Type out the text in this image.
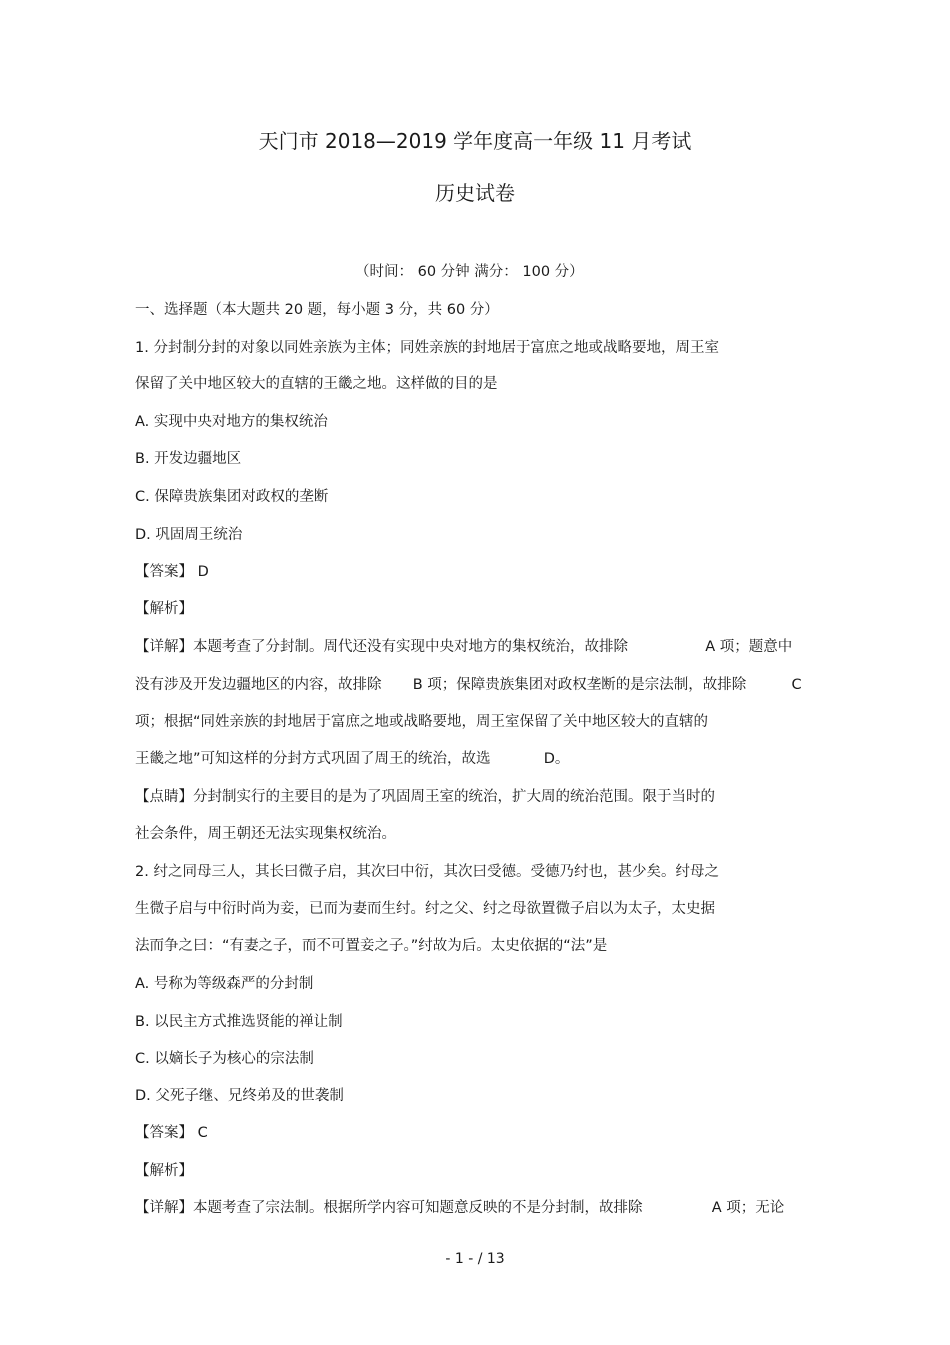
天门市 2018—2019 学年度高一年级 11 月考试
历史试卷
（时间： 60 分钟 满分： 100 分）
一、选择题（本大题共 20 题，每小题 3 分，共 60 分）
1. 分封制分封的对象以同姓亲族为主体；同姓亲族的封地居于富庶之地或战略要地，周王室
保留了关中地区较大的直辖的王畿之地。这样做的目的是
A. 实现中央对地方的集权统治
B. 开发边疆地区
C. 保障贵族集团对政权的垄断
D. 巩固周王统治
【答案】 D
【解析】
【详解】本题考查了分封制。周代还没有实现中央对地方的集权统治，故排除	A 项；题意中
没有涉及开发边疆地区的内容，故排除 B 项；保障贵族集团对政权垄断的是宗法制，故排除	C
项；根据“同姓亲族的封地居于富庶之地或战略要地，周王室保留了关中地区较大的直辖的
王畿之地”可知这样的分封方式巩固了周王的统治，故选	D。
【点睛】分封制实行的主要目的是为了巩固周王室的统治，扩大周的统治范围。限于当时的
社会条件，周王朝还无法实现集权统治。
2. 纣之同母三人，其长曰微子启，其次曰中衍，其次曰受德。受德乃纣也，甚少矣。纣母之
生微子启与中衍时尚为妾，已而为妻而生纣。纣之父、纣之母欲置微子启以为太子，太史据
法而争之曰：“有妻之子，而不可置妾之子。”纣故为后。太史依据的“法”是
A. 号称为等级森严的分封制
B. 以民主方式推选贤能的禅让制
C. 以嫡长子为核心的宗法制
D. 父死子继、兄终弟及的世袭制
【答案】 C
【解析】
【详解】本题考查了宗法制。根据所学内容可知题意反映的不是分封制，故排除	A 项；无论
- 1 - / 13
